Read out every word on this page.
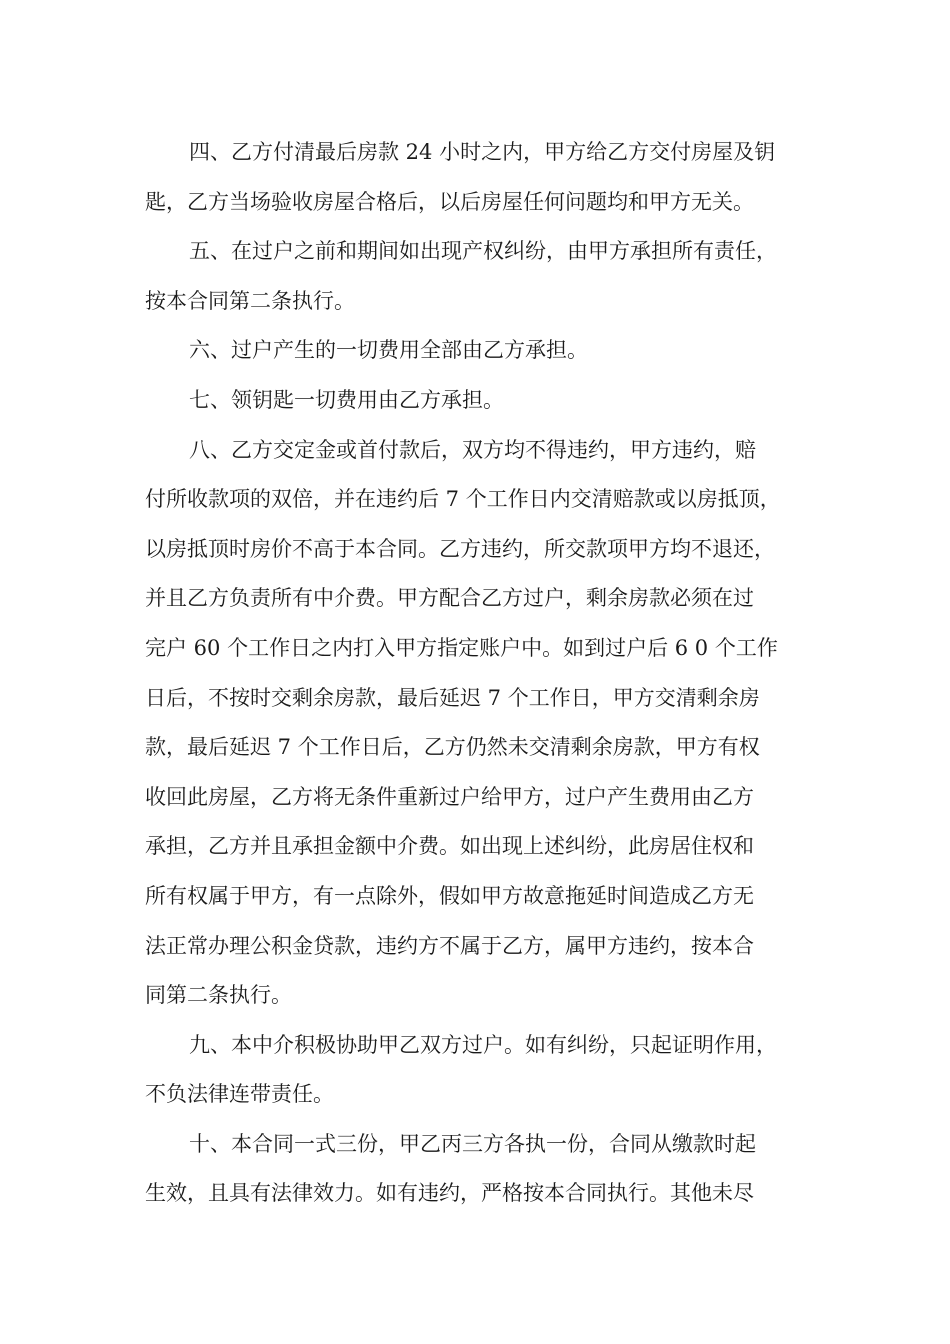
四、乙方付清最后房款 24 小时之内，甲方给乙方交付房屋及钥
匙，乙方当场验收房屋合格后，以后房屋任何问题均和甲方无关。
五、在过户之前和期间如出现产权纠纷，由甲方承担所有责任，
按本合同第二条执行。
六、过户产生的一切费用全部由乙方承担。
七、领钥匙一切费用由乙方承担。
八、乙方交定金或首付款后，双方均不得违约，甲方违约，赔
付所收款项的双倍，并在违约后 7 个工作日内交清赔款或以房抵顶，
以房抵顶时房价不高于本合同。乙方违约，所交款项甲方均不退还，
并且乙方负责所有中介费。甲方配合乙方过户，剩余房款必须在过
完户 60 个工作日之内打入甲方指定账户中。如到过户后 6 0 个工作
日后，不按时交剩余房款，最后延迟 7 个工作日，甲方交清剩余房
款，最后延迟 7 个工作日后，乙方仍然未交清剩余房款，甲方有权
收回此房屋，乙方将无条件重新过户给甲方，过户产生费用由乙方
承担，乙方并且承担金额中介费。如出现上述纠纷，此房居住权和
所有权属于甲方，有一点除外，假如甲方故意拖延时间造成乙方无
法正常办理公积金贷款，违约方不属于乙方，属甲方违约，按本合
同第二条执行。
九、本中介积极协助甲乙双方过户。如有纠纷，只起证明作用，
不负法律连带责任。
十、本合同一式三份，甲乙丙三方各执一份，合同从缴款时起
生效，且具有法律效力。如有违约，严格按本合同执行。其他未尽
